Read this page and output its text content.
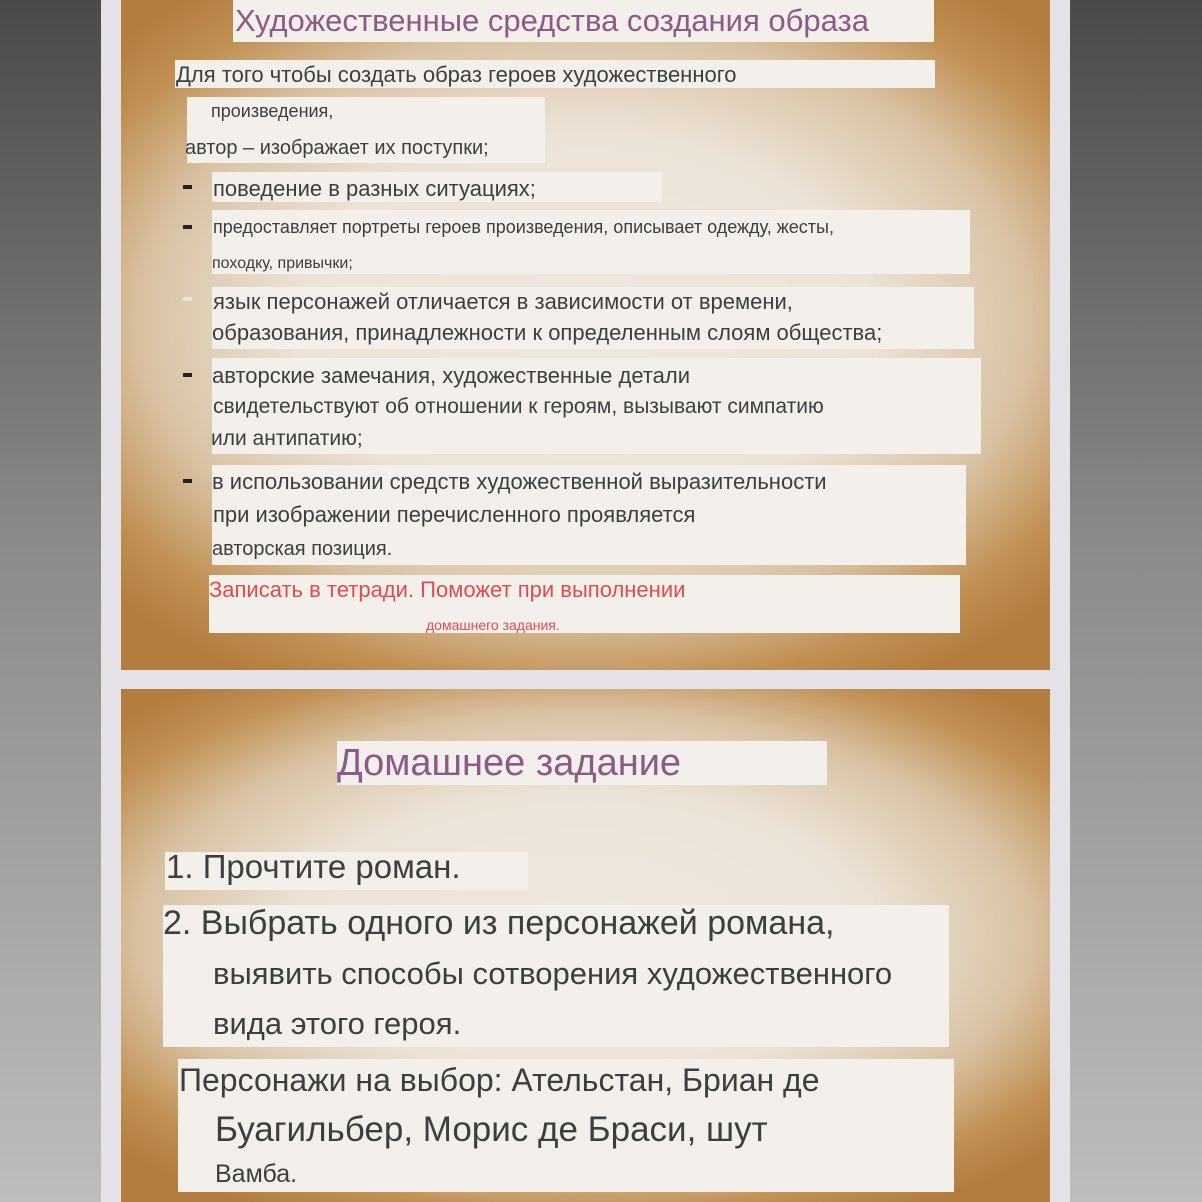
Художественные средства создания образа
Для того чтобы создать образ героев художественного
произведения,
автор – изображает их поступки;
поведение в разных ситуациях;
предоставляет портреты героев произведения, описывает одежду, жесты,
походку, привычки;
язык персонажей отличается в зависимости от времени,
образования, принадлежности к определенным слоям общества;
авторские замечания, художественные детали
свидетельствуют об отношении к героям, вызывают симпатию
или антипатию;
в использовании средств художественной выразительности
при изображении перечисленного проявляется
авторская позиция.
Записать в тетради. Поможет при выполнении
домашнего задания.
Домашнее задание
1. Прочтите роман.
2. Выбрать одного из персонажей романа,
выявить способы сотворения художественного
вида этого героя.
Персонажи на выбор: Ательстан, Бриан де
Буагильбер, Морис де Браси, шут
Вамба.
